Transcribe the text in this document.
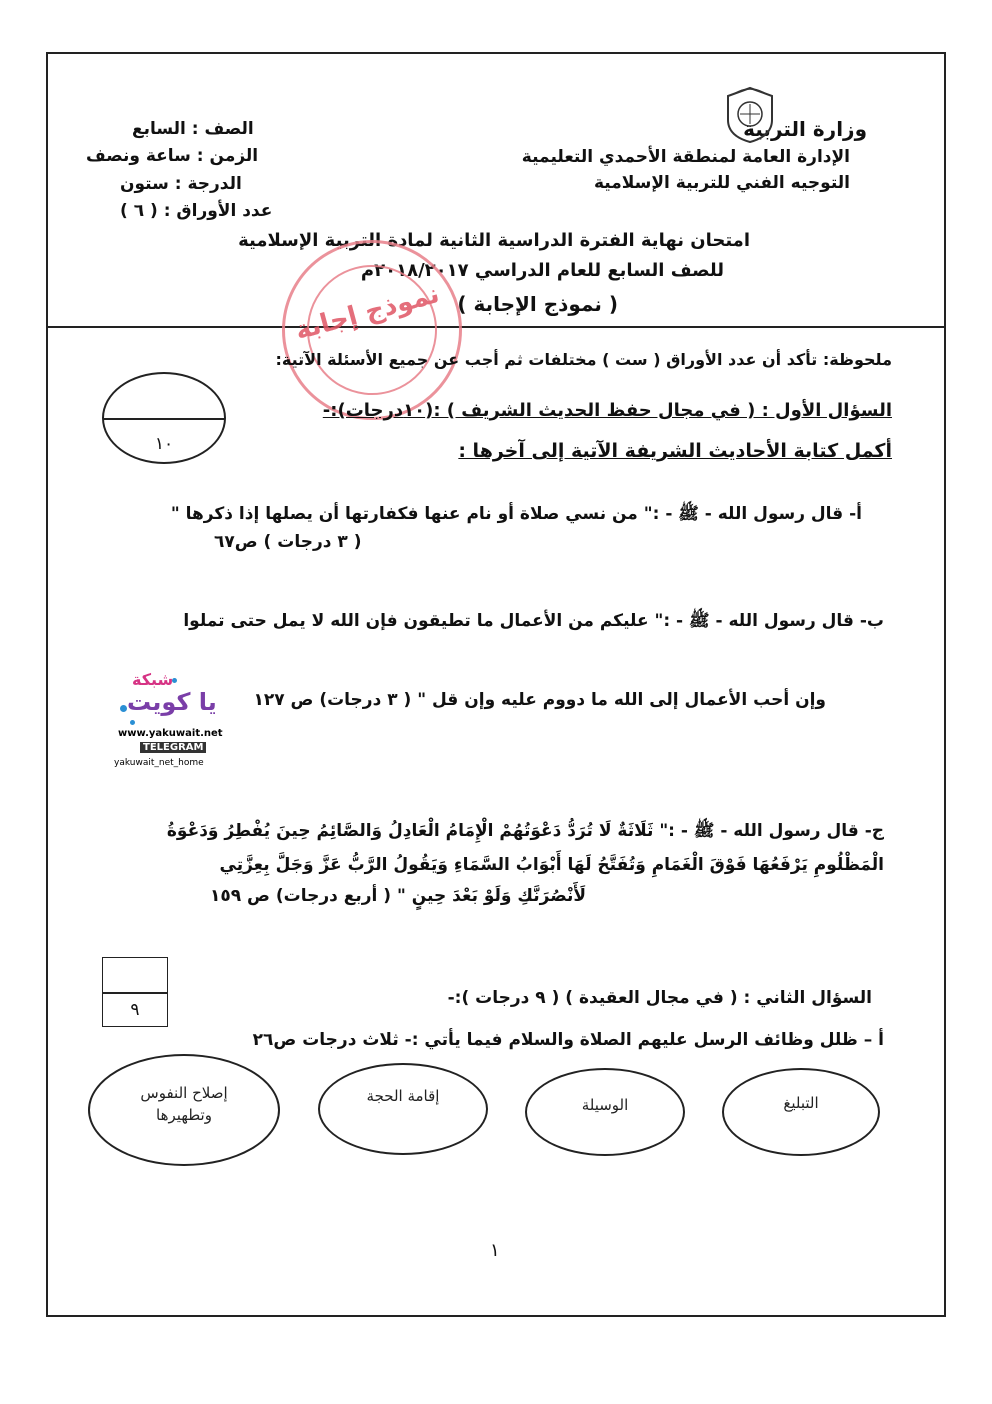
وزارة التربية
الإدارة العامة لمنطقة الأحمدي التعليمية
التوجيه الفني للتربية الإسلامية
الصف : السابع
الزمن : ساعة ونصف
الدرجة : ستون
عدد الأوراق : ( ٦ )
امتحان نهاية الفترة الدراسية الثانية لمادة التربية الإسلامية
للصف السابع للعام الدراسي ٢٠١٨/٢٠١٧م
( نموذج الإجابة )
نموذج إجابة
ملحوظة: تأكد أن عدد الأوراق ( ست ) مختلفات ثم أجب عن جميع الأسئلة الآتية:
١٠
السؤال الأول : ( في مجال حفظ الحديث الشريف ) :(١٠درجات):-
أكمل كتابة الأحاديث الشريفة الآتية إلى آخرها :
أ- قال رسول الله - ﷺ - :" من نسي صلاة أو نام عنها فكفارتها أن يصلها إذا ذكرها "
( ٣ درجات ) ص٦٧
ب- قال رسول الله - ﷺ - :" عليكم من الأعمال ما تطيقون فإن الله لا يمل حتى تملوا
وإن أحب الأعمال إلى الله ما دووم عليه وإن قل " ( ٣ درجات) ص ١٢٧
شبكة
يا كويت
www.yakuwait.net
TELEGRAM
yakuwait_net_home
ج- قال رسول الله - ﷺ - :" ثَلَاثَةٌ لَا تُرَدُّ دَعْوَتُهُمْ الْإِمَامُ الْعَادِلُ وَالصَّائِمُ حِينَ يُفْطِرُ وَدَعْوَةُ
الْمَظْلُومِ يَرْفَعُهَا فَوْقَ الْغَمَامِ وَتُفَتَّحُ لَهَا أَبْوَابُ السَّمَاءِ وَيَقُولُ الرَّبُّ عَزَّ وَجَلَّ بِعِزَّتِي
لَأَنْصُرَنَّكِ وَلَوْ بَعْدَ حِينٍ " ( أربع درجات) ص ١٥٩
٩
السؤال الثاني : ( في مجال العقيدة ) ( ٩ درجات ):-
أ – ظلل وظائف الرسل عليهم الصلاة والسلام فيما يأتي :- ثلاث درجات ص٢٦
التبليغ
الوسيلة
إقامة الحجة
إصلاح النفوس وتطهيرها
١
